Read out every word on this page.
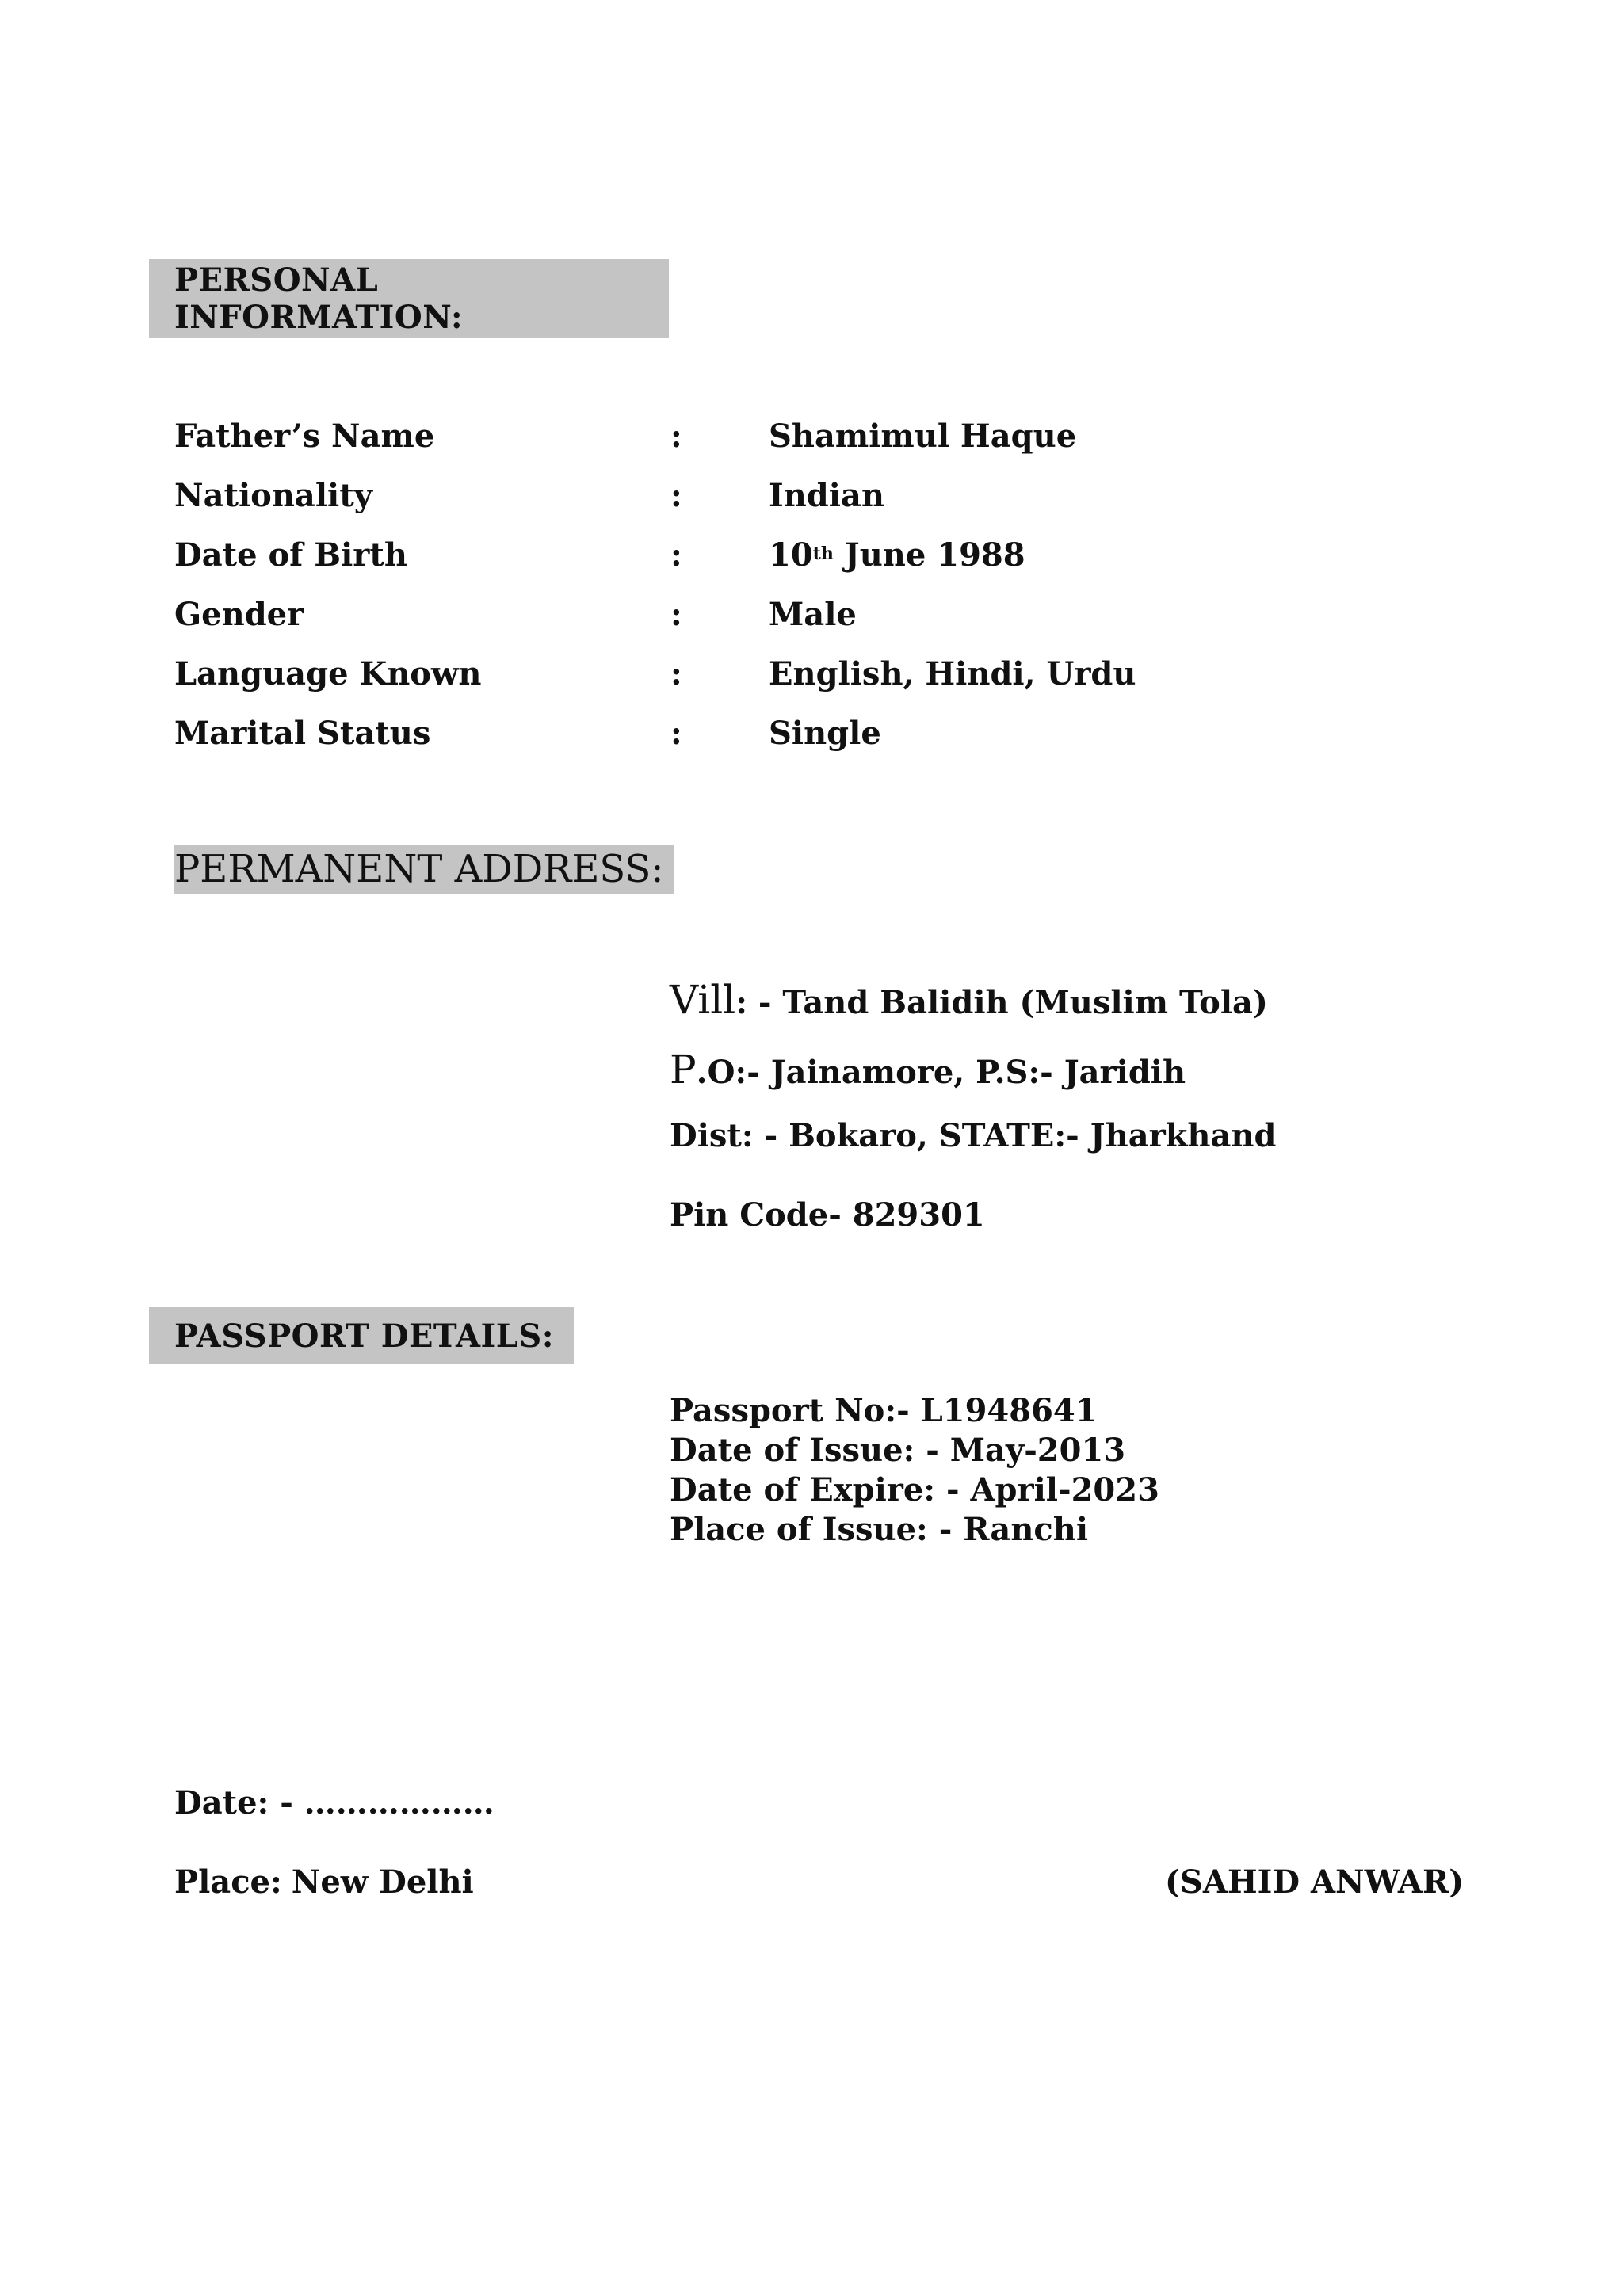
PERSONAL INFORMATION:
Father’s Name	:	Shamimul Haque
Nationality	:	Indian
Date of Birth	:	10th June 1988
Gender	:	Male
Language Known	:	English, Hindi, Urdu
Marital Status	:	Single
PERMANENT ADDRESS:
Vill: - Tand Balidih (Muslim Tola)
P.O:- Jainamore, P.S:- Jaridih
Dist: - Bokaro, STATE:- Jharkhand
Pin Code- 829301
PASSPORT DETAILS:
Passport No:- L1948641
Date of Issue: - May-2013
Date of Expire: - April-2023
Place of Issue: - Ranchi
Date: - ………………
Place: New Delhi	(SAHID ANWAR)
